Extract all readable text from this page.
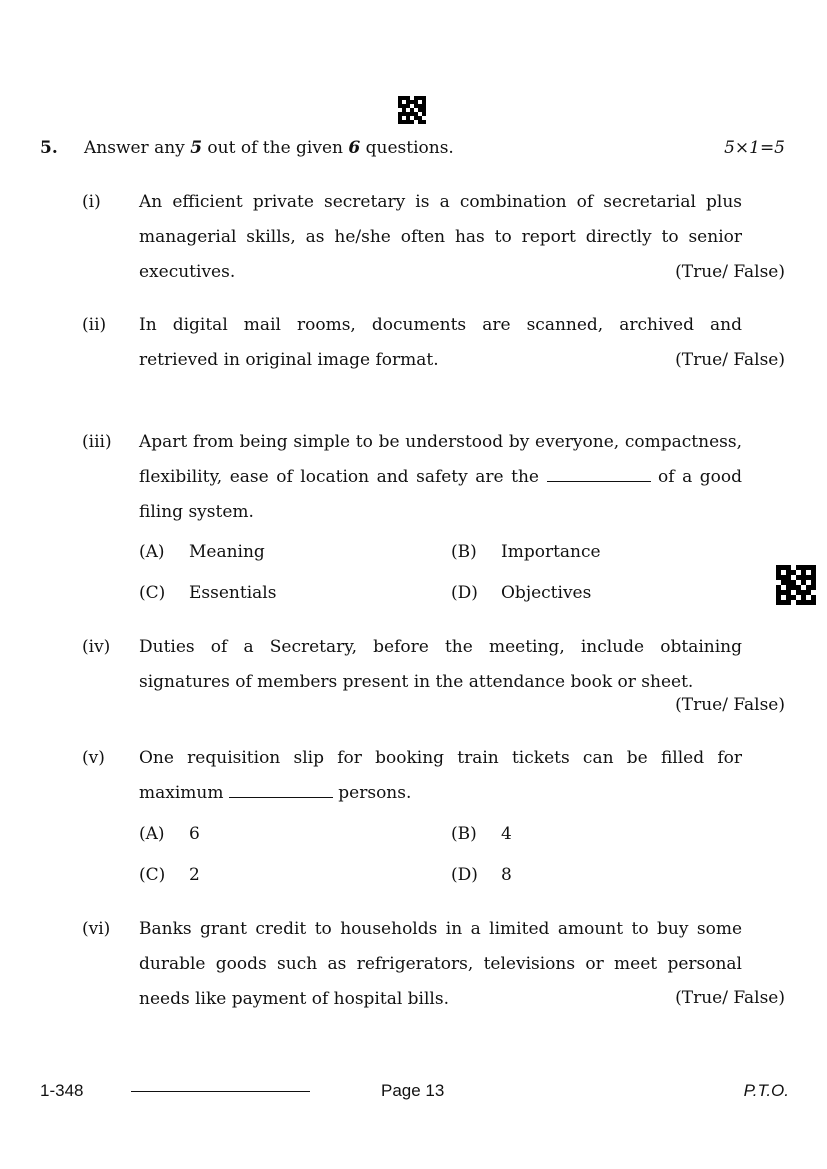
5. Answer any 5 out of the given 6 questions.	5×1=5
(i) An efficient private secretary is a combination of secretarial plus
managerial skills, as he/she often has to report directly to senior
executives.	(True/ False)
(ii) In digital mail rooms, documents are scanned, archived and
retrieved in original image format.	(True/ False)
(iii) Apart from being simple to be understood by everyone, compactness,
flexibility, ease of location and safety are the	of a good
filing system.
(A) Meaning	(B) Importance
(C) Essentials	(D) Objectives
(iv) Duties of a Secretary, before the meeting, include obtaining
signatures of members present in the attendance book or sheet.
(True/ False)
(v) One requisition slip for booking train tickets can be filled for
maximum	persons.
(A) 6	(B) 4
(C) 2	(D) 8
(vi) Banks grant credit to households in a limited amount to buy some
durable goods such as refrigerators, televisions or meet personal
needs like payment of hospital bills.	(True/ False)
1-348	Page 13	P.T.O.
